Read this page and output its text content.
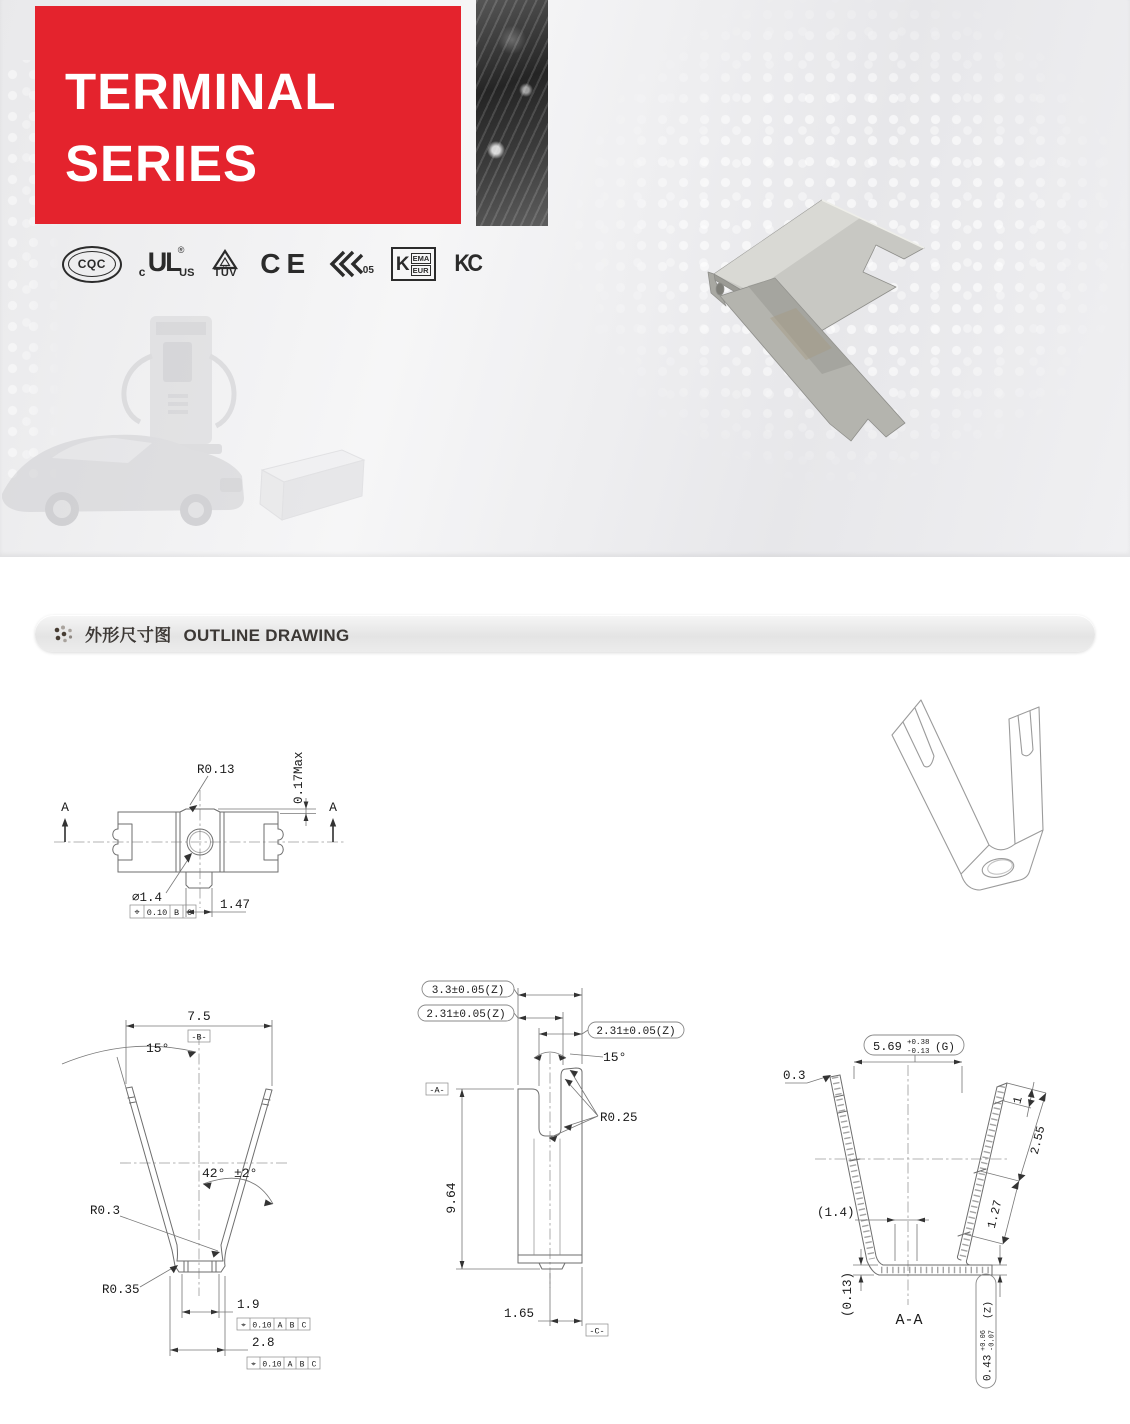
TERMINAL
SERIES
CQC
c UL
®
US TÜV CE	05 K EMA
EUR KC
外形尺寸图 OUTLINE DRAWING
A	A
R0.13	0.17Max
∅1.4	1.47
⌖ 0.10 B C
7.5
-B-
15°
42° ±2°
R0.3
R0.35
1.9
2.8
⌖ 0.10 A B C
⌖ 0.10 A B C
3.3±0.05(Z)
2.31±0.05(Z)
2.31±0.05(Z)
15°
R0.25
9.64
-A-
1.65
-C-
5.69 +0.38
-0.13 (G)
0.3
1
2.55
1.27
(1.4)
(0.13)
A-A
0.43
+0.06 -0.07
(Z)
